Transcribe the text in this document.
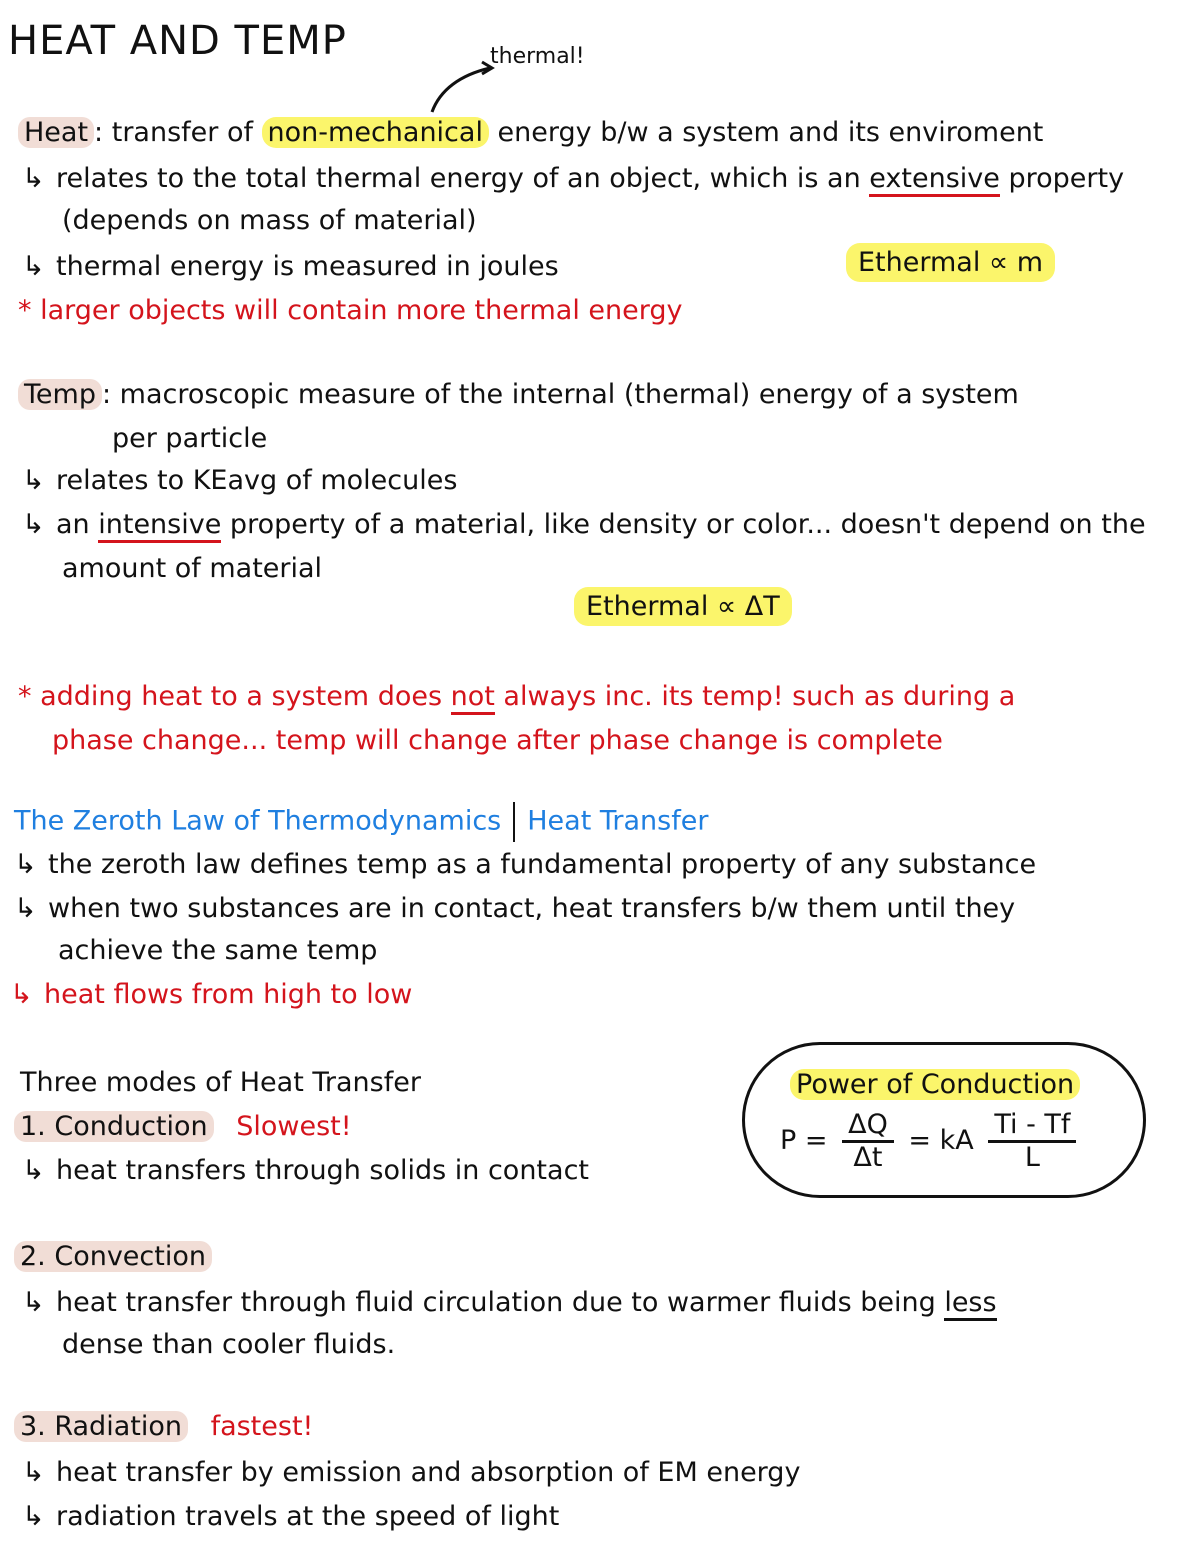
HEAT AND TEMP	thermal!
Heat : transfer of non-mechanical energy b/w a system and its enviroment
↳ relates to the total thermal energy of an object, which is an extensive property
(depends on mass of material)
↳ thermal energy is measured in joules	Ethermal ∝ m
* larger objects will contain more thermal energy
Temp : macroscopic measure of the internal (thermal) energy of a system
per particle
↳ relates to KEavg of molecules
↳ an intensive property of a material, like density or color... doesn't depend on the
amount of material
Ethermal ∝ ΔT
* adding heat to a system does not always inc. its temp! such as during a
phase change... temp will change after phase change is complete
The Zeroth Law of Thermodynamics Heat Transfer
↳ the zeroth law defines temp as a fundamental property of any substance
↳ when two substances are in contact, heat transfers b/w them until they
achieve the same temp
↳ heat flows from high to low
Three modes of Heat Transfer
1. Conduction Slowest!
↳ heat transfers through solids in contact
Power of Conduction
$P = \frac{\Delta Q}{\Delta t}$ = kA $\frac{Ti - Tf}{L}$
2. Convection
↳ heat transfer through fluid circulation due to warmer fluids being less
dense than cooler fluids.
3. Radiation fastest!
↳ heat transfer by emission and absorption of EM energy
↳ radiation travels at the speed of light
